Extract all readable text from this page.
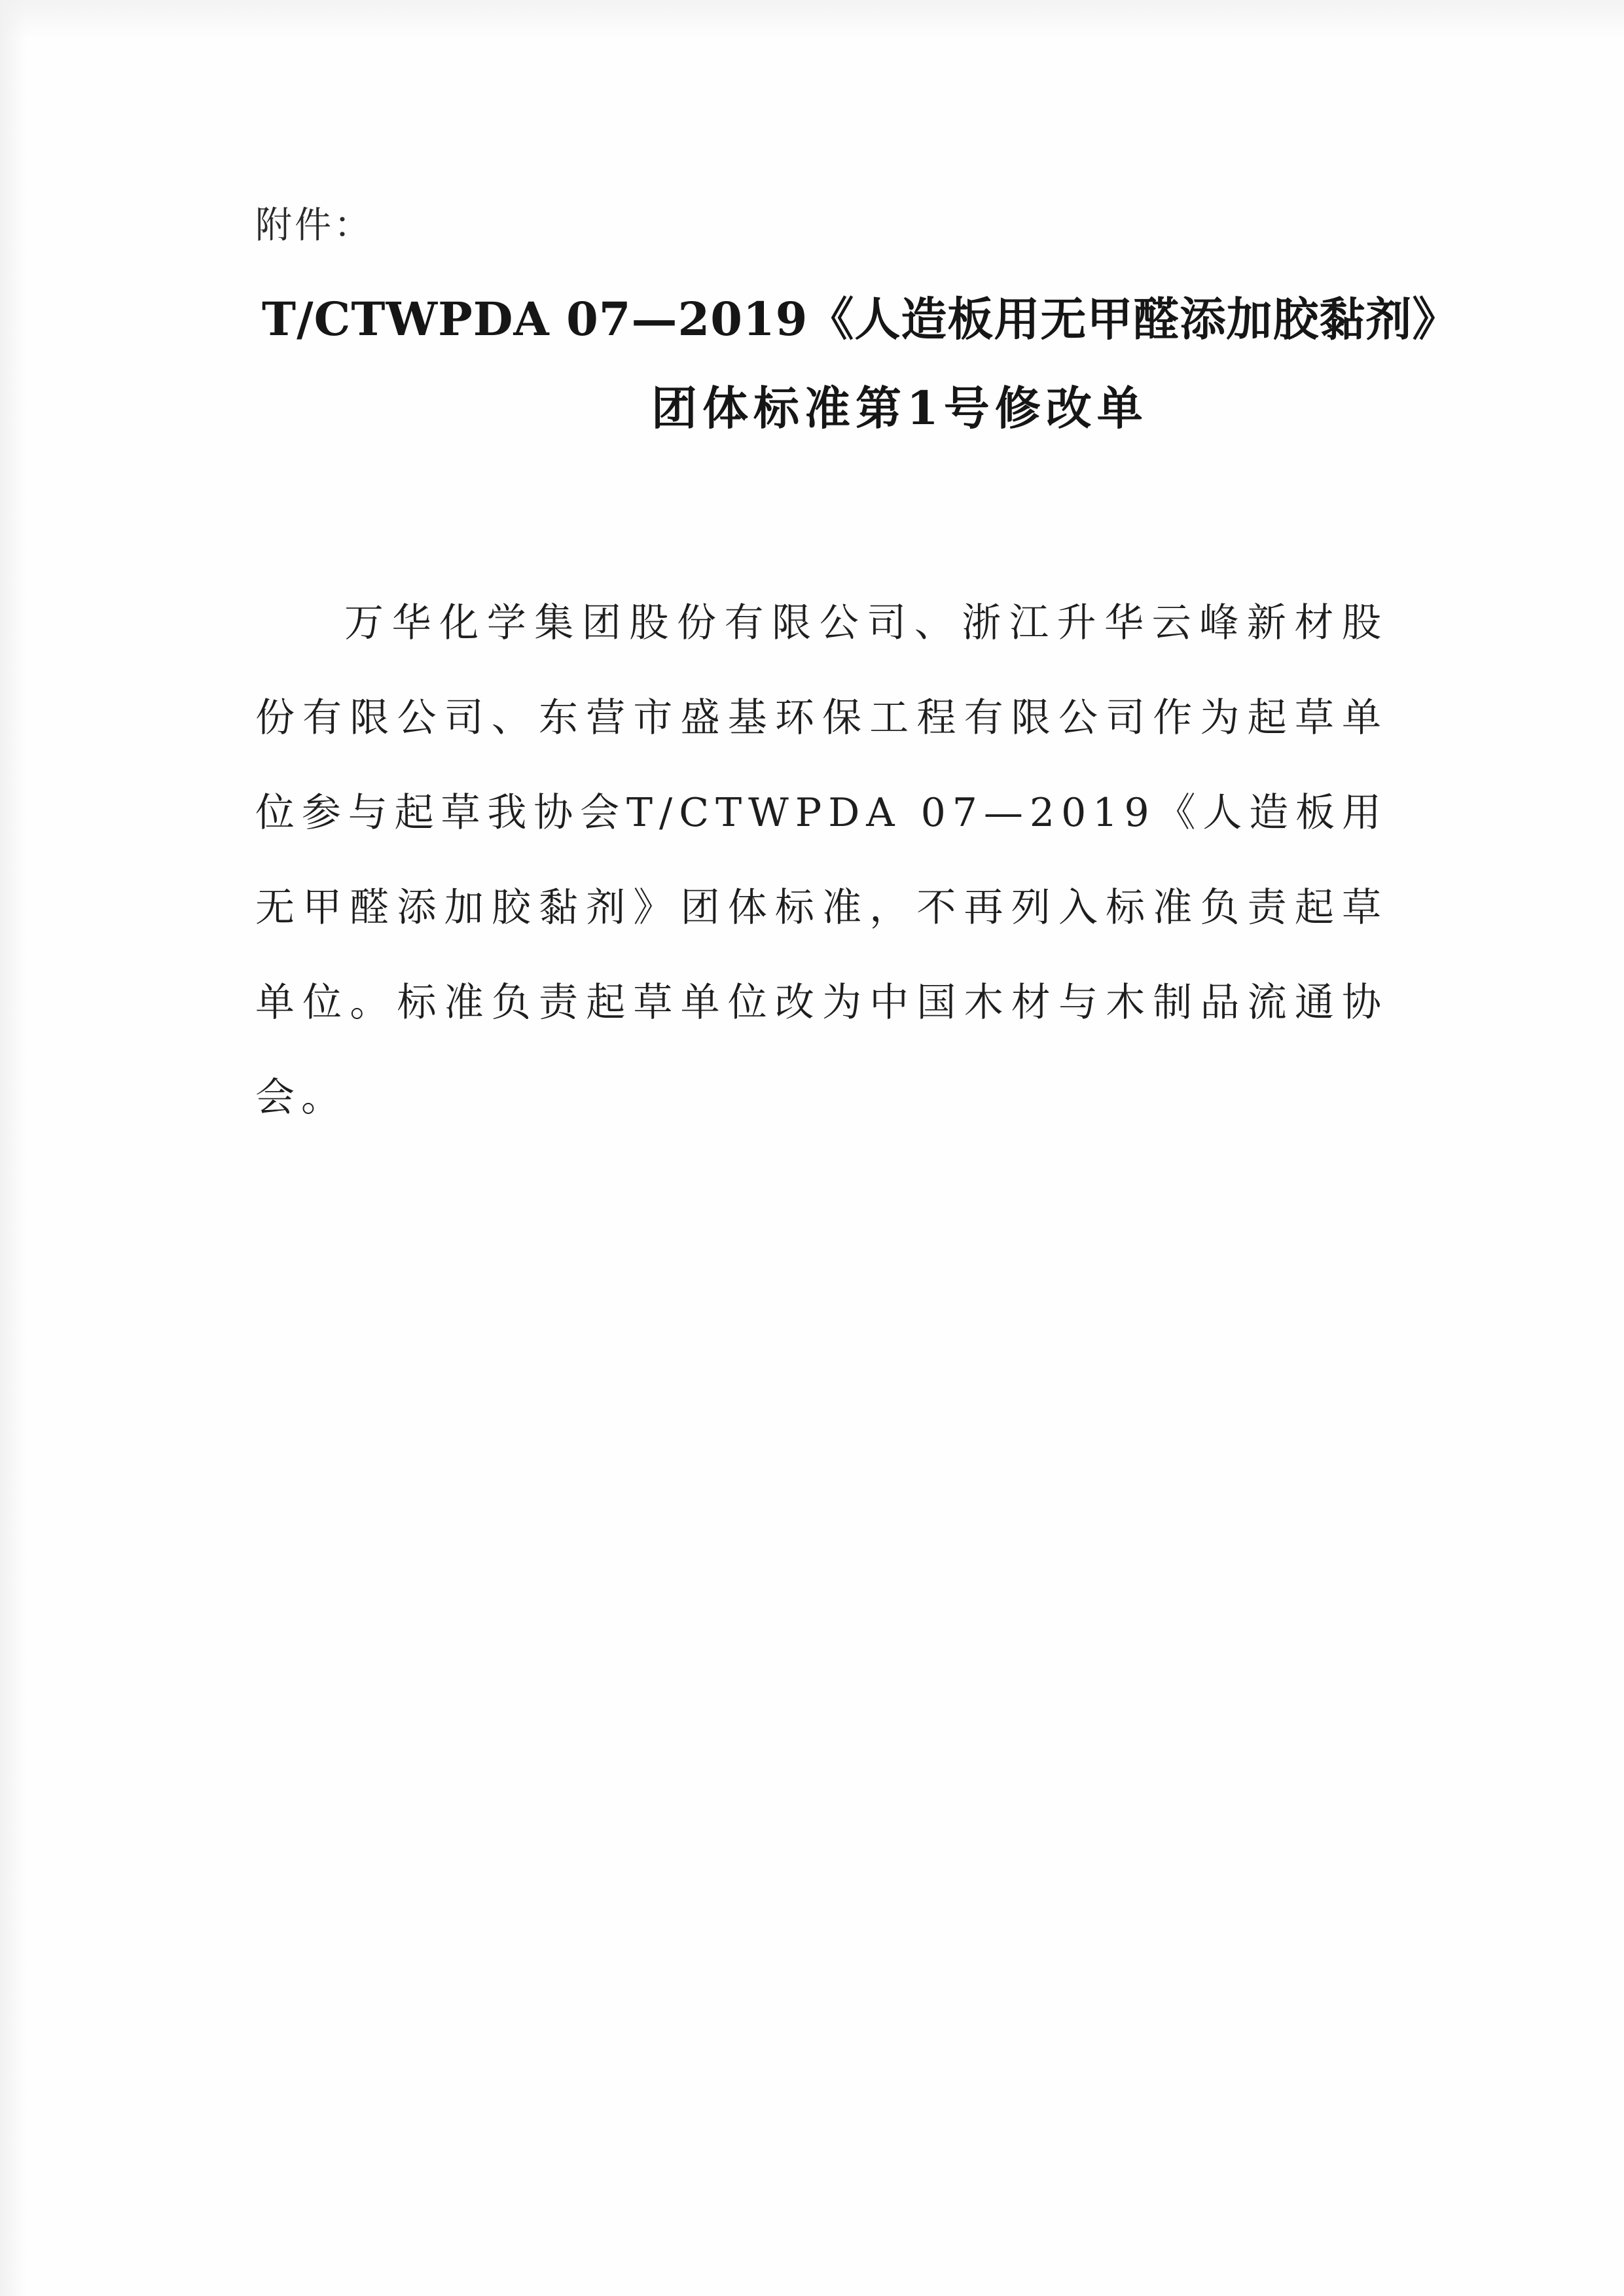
附件：
T/CTWPDA 07—2019《人造板用无甲醛添加胶黏剂》
团体标准第1号修改单

万华化学集团股份有限公司、浙江升华云峰新材股份有限公司、东营市盛基环保工程有限公司作为起草单位参与起草我协会T/CTWPDA 07—2019《人造板用无甲醛添加胶黏剂》团体标准，不再列入标准负责起草单位。标准负责起草单位改为中国木材与木制品流通协会。
